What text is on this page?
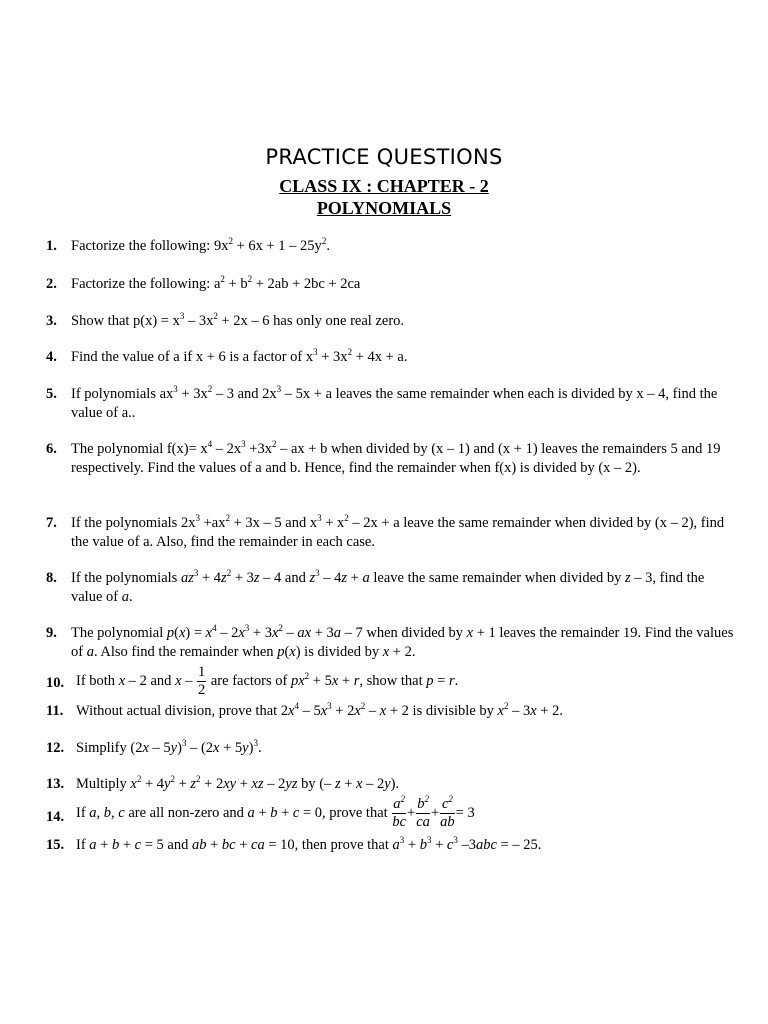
PRACTICE QUESTIONS
CLASS IX : CHAPTER - 2
POLYNOMIALS
1. Factorize the following: $9x^2 + 6x + 1 - 25y^2$.
2. Factorize the following: $a^2 + b^2 + 2ab + 2bc + 2ca$
3. Show that $p(x) = x^3 - 3x^2 + 2x - 6$ has only one real zero.
4. Find the value of a if x + 6 is a factor of $x^3 + 3x^2 + 4x + a$.
5. If polynomials $ax^3 + 3x^2 - 3$ and $2x^3 - 5x + a$ leaves the same remainder when each is divided by x – 4, find the value of a..
6. The polynomial $f(x)= x^4 - 2x^3 +3x^2$ – ax + b when divided by (x – 1) and (x + 1) leaves the remainders 5 and 19 respectively. Find the values of a and b. Hence, find the remainder when f(x) is divided by (x – 2).
7. If the polynomials $2x^3 +ax^2 + 3x - 5$ and $x^3 + x^2 - 2x + a$ leave the same remainder when divided by (x – 2), find the value of a. Also, find the remainder in each case.
8. If the polynomials $az^3 + 4z^2 + 3z - 4$ and $z^3 - 4z + a$ leave the same remainder when divided by z – 3, find the value of a.
9. The polynomial $p(x) = x^4 - 2x^3 + 3x^2$ – ax + 3a – 7 when divided by x + 1 leaves the remainder 19. Find the values of a. Also find the remainder when p(x) is divided by x + 2.
10. If both x – 2 and x – $\frac{1}{2}$ are factors of $px^2 + 5x + r$, show that p = r.
11. Without actual division, prove that $2x^4 - 5x^3 + 2x^2 - x + 2$ is divisible by $x^2 - 3x + 2$.
12. Simplify $(2x - 5y)^3 - (2x + 5y)^3$.
13. Multiply $x^2 + 4y^2 + z^2 + 2xy$ + xz – 2yz by (– z + x – 2y).
14. If a, b, c are all non-zero and a + b + c = 0, prove that $\frac{a^2}{bc} + \frac{b^2}{ca} + \frac{c^2}{ab} = 3$
15. If a + b + c = 5 and ab + bc + ca = 10, then prove that $a^3 + b^3 + c^3$ –3abc = – 25.
